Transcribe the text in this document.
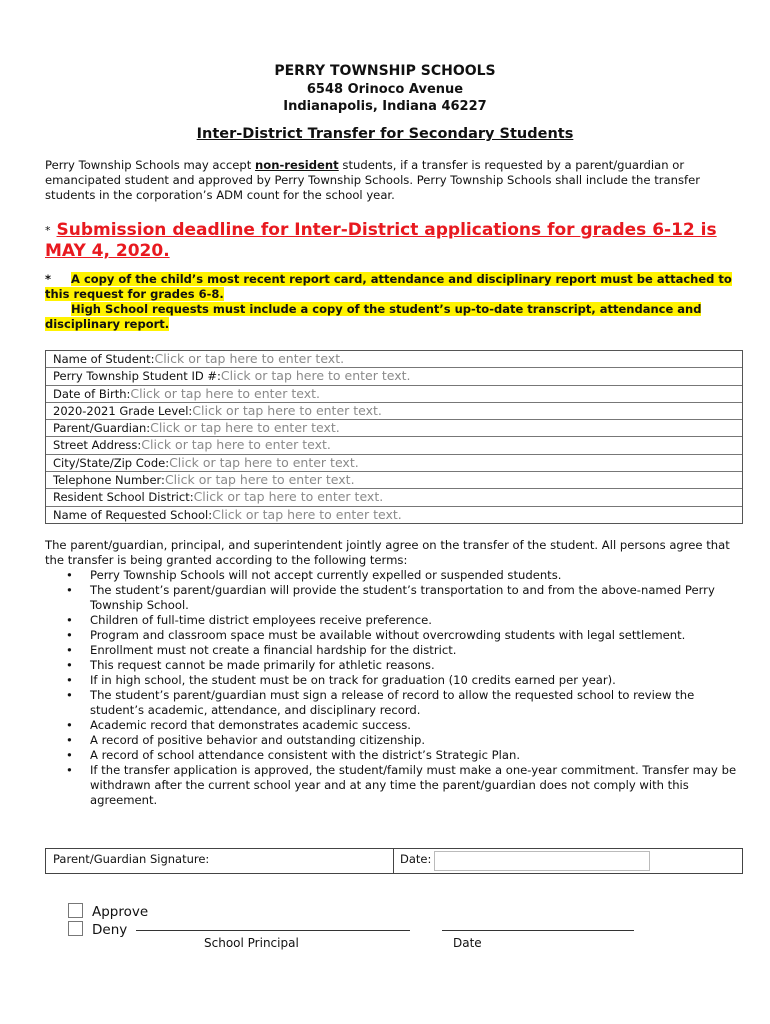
PERRY TOWNSHIP SCHOOLS
6548 Orinoco Avenue
Indianapolis, Indiana 46227
Inter-District Transfer for Secondary Students
Perry Township Schools may accept non-resident students, if a transfer is requested by a parent/guardian or emancipated student and approved by Perry Township Schools. Perry Township Schools shall include the transfer students in the corporation’s ADM count for the school year.
* Submission deadline for Inter-District applications for grades 6-12 is MAY 4, 2020.
* A copy of the child’s most recent report card, attendance and disciplinary report must be attached to this request for grades 6-8.
High School requests must include a copy of the student’s up-to-date transcript, attendance and disciplinary report.
Name of Student:Click or tap here to enter text.
Perry Township Student ID #:Click or tap here to enter text.
Date of Birth:Click or tap here to enter text.
2020-2021 Grade Level:Click or tap here to enter text.
Parent/Guardian:Click or tap here to enter text.
Street Address:Click or tap here to enter text.
City/State/Zip Code:Click or tap here to enter text.
Telephone Number:Click or tap here to enter text.
Resident School District:Click or tap here to enter text.
Name of Requested School:Click or tap here to enter text.
The parent/guardian, principal, and superintendent jointly agree on the transfer of the student. All persons agree that the transfer is being granted according to the following terms:
• Perry Township Schools will not accept currently expelled or suspended students.
• The student’s parent/guardian will provide the student’s transportation to and from the above-named Perry Township School.
• Children of full-time district employees receive preference.
• Program and classroom space must be available without overcrowding students with legal settlement.
• Enrollment must not create a financial hardship for the district.
• This request cannot be made primarily for athletic reasons.
• If in high school, the student must be on track for graduation (10 credits earned per year).
• The student’s parent/guardian must sign a release of record to allow the requested school to review the student’s academic, attendance, and disciplinary record.
• Academic record that demonstrates academic success.
• A record of positive behavior and outstanding citizenship.
• A record of school attendance consistent with the district’s Strategic Plan.
• If the transfer application is approved, the student/family must make a one-year commitment. Transfer may be withdrawn after the current school year and at any time the parent/guardian does not comply with this agreement.
Parent/Guardian Signature:	Date:
Approve
Deny
School Principal	Date
